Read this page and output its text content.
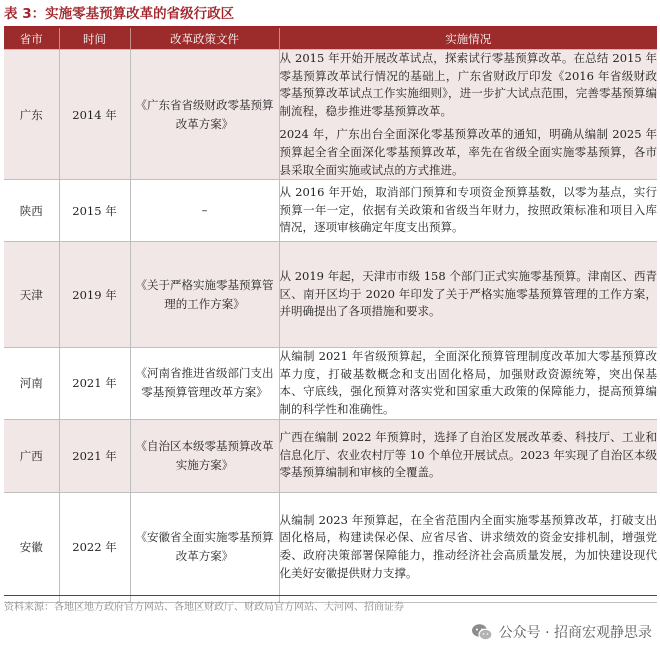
表 3：实施零基预算改革的省级行政区
省市	时间	改革政策文件	实施情况
广东	2014 年	《广东省省级财政零基预算改革方案》	从 2015 年开始开展改革试点，探索试行零基预算改革。在总结 2015 年零基预算改革试行情况的基础上，广东省财政厅印发《2016 年省级财政零基预算改革试点工作实施细则》，进一步扩大试点范围，完善零基预算编制流程，稳步推进零基预算改革。

2024 年，广东出台全面深化零基预算改革的通知，明确从编制 2025 年预算起全省全面深化零基预算改革，率先在省级全面实施零基预算，各市县采取全面实施或试点的方式推进。

陕西	2015 年	–	从 2016 年开始，取消部门预算和专项资金预算基数，以零为基点，实行预算一年一定，依据有关政策和省级当年财力，按照政策标准和项目入库情况，逐项审核确定年度支出预算。

天津	2019 年	《关于严格实施零基预算管理的工作方案》	从 2019 年起，天津市市级 158 个部门正式实施零基预算。津南区、西青区、南开区均于 2020 年印发了关于严格实施零基预算管理的工作方案，并明确提出了各项措施和要求。

河南	2021 年	《河南省推进省级部门支出零基预算管理改革方案》	从编制 2021 年省级预算起，全面深化预算管理制度改革加大零基预算改革力度，打破基数概念和支出固化格局，加强财政资源统筹，突出保基本、守底线，强化预算对落实党和国家重大政策的保障能力，提高预算编制的科学性和准确性。

广西	2021 年	《自治区本级零基预算改革实施方案》	广西在编制 2022 年预算时，选择了自治区发展改革委、科技厅、工业和信息化厅、农业农村厅等 10 个单位开展试点。2023 年实现了自治区本级零基预算编制和审核的全覆盖。

安徽	2022 年	《安徽省全面实施零基预算改革方案》	从编制 2023 年预算起，在全省范围内全面实施零基预算改革，打破支出固化格局，构建读保必保、应省尽省、讲求绩效的资金安排机制，增强党委、政府决策部署保障能力，推动经济社会高质量发展，为加快建设现代化美好安徽提供财力支撑。

资料来源：各地区地方政府官方网站、各地区财政厅、财政局官方网站、大河网、招商证券
公众号 · 招商宏观静思录
